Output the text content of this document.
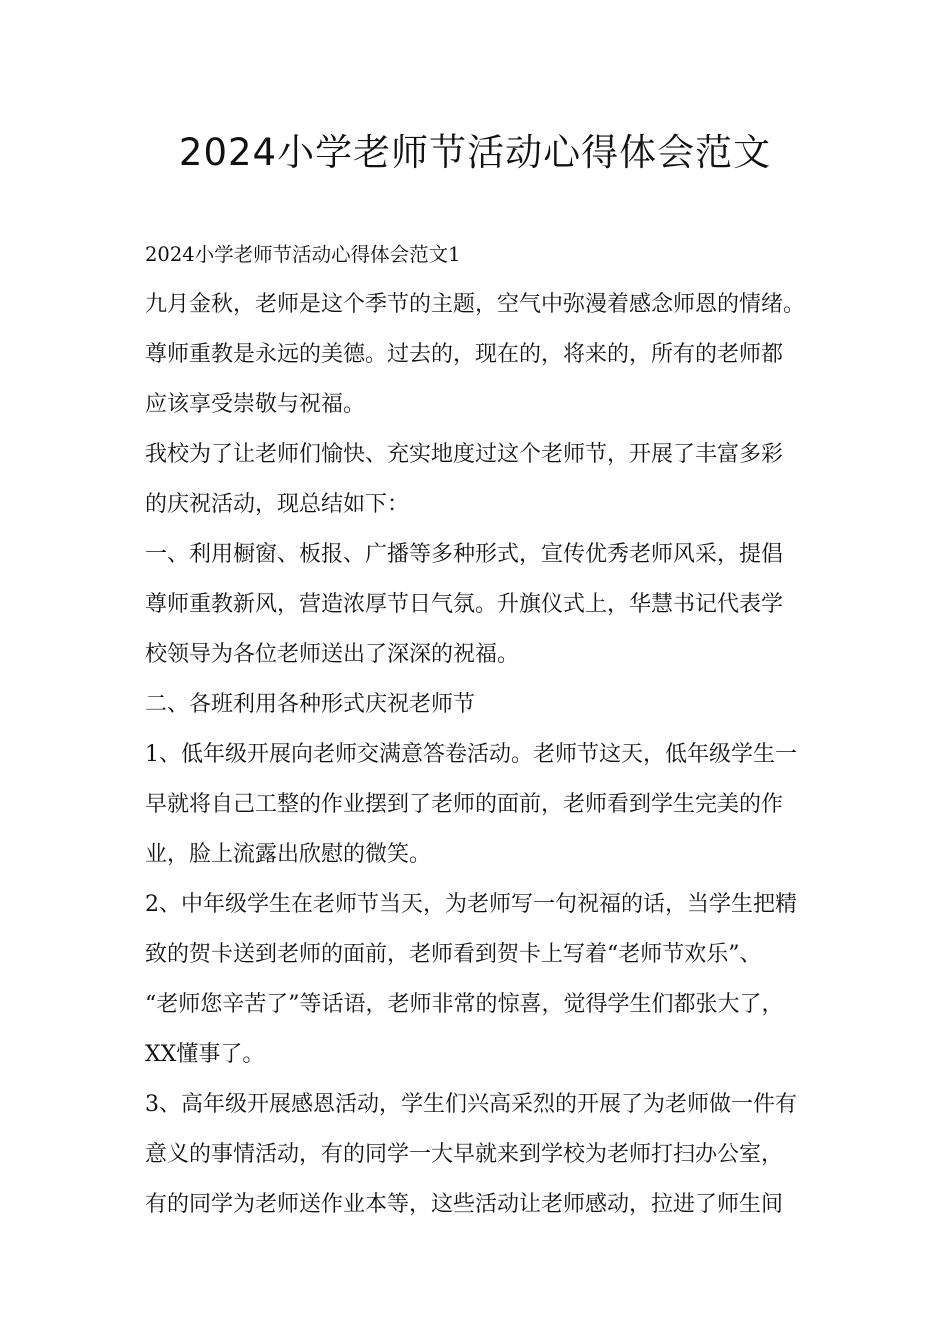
2024小学老师节活动心得体会范文
2024小学老师节活动心得体会范文1
九月金秋，老师是这个季节的主题，空气中弥漫着感念师恩的情绪。
尊师重教是永远的美德。过去的，现在的，将来的，所有的老师都
应该享受崇敬与祝福。
我校为了让老师们愉快、充实地度过这个老师节，开展了丰富多彩
的庆祝活动，现总结如下：
一、利用橱窗、板报、广播等多种形式，宣传优秀老师风采，提倡
尊师重教新风，营造浓厚节日气氛。升旗仪式上，华慧书记代表学
校领导为各位老师送出了深深的祝福。
二、各班利用各种形式庆祝老师节
1、低年级开展向老师交满意答卷活动。老师节这天，低年级学生一
早就将自己工整的作业摆到了老师的面前，老师看到学生完美的作
业，脸上流露出欣慰的微笑。
2、中年级学生在老师节当天，为老师写一句祝福的话，当学生把精
致的贺卡送到老师的面前，老师看到贺卡上写着“老师节欢乐”、
“老师您辛苦了”等话语，老师非常的惊喜，觉得学生们都张大了，
XX懂事了。
3、高年级开展感恩活动，学生们兴高采烈的开展了为老师做一件有
意义的事情活动，有的同学一大早就来到学校为老师打扫办公室，
有的同学为老师送作业本等，这些活动让老师感动，拉进了师生间
